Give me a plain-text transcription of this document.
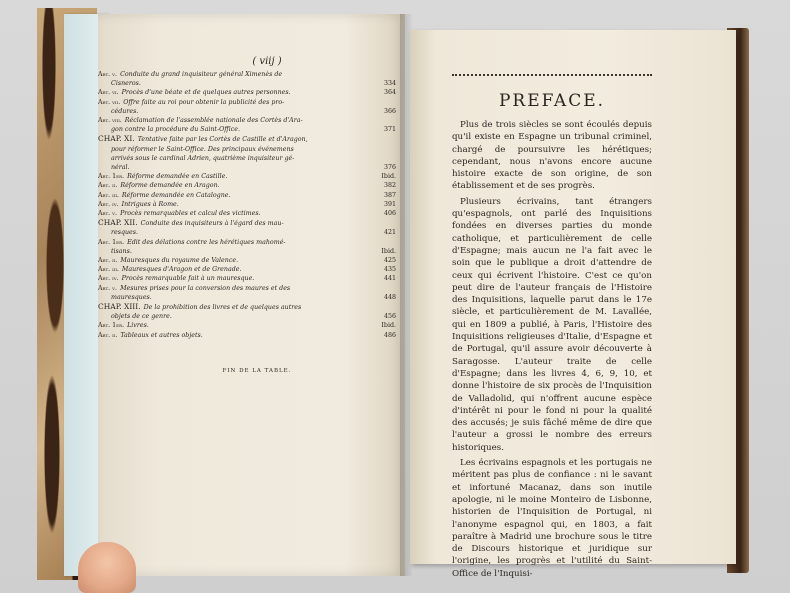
( viij )
Art. v. Conduite du grand inquisiteur général Ximenès de
Cisneros.	334
Art. vi. Procès d'une béate et de quelques autres personnes.	364
Art. vii. Offre faite au roi pour obtenir la publicité des pro-
cédures.	366
Art. viii. Réclamation de l'assemblée nationale des Cortès d'Ara-
gon contre la procédure du Saint-Office.	371
CHAP. XI. Tentative faite par les Cortès de Castille et d'Aragon,
pour réformer le Saint-Office. Des principaux événemens
arrivés sous le cardinal Adrien, quatrième inquisiteur gé-
néral.	376
Art. 1er. Réforme demandée en Castille.	Ibid.
Art. ii. Réforme demandée en Aragon.	382
Art. iii. Réforme demandée en Catalogne.	387
Art. iv. Intrigues à Rome.	391
Art. v. Procès remarquables et calcul des victimes.	406
CHAP. XII. Conduite des inquisiteurs à l'égard des mau-
resques.	421
Art. 1er. Edit des délations contre les hérétiques mahomé-
tisans.	Ibid.
Art. ii. Mauresques du royaume de Valence.	425
Art. iii. Mauresques d'Aragon et de Grenade.	435
Art. iv. Procès remarquable fait à un mauresque.	441
Art. v. Mesures prises pour la conversion des maures et des
mauresques.	448
CHAP. XIII. De la prohibition des livres et de quelques autres
objets de ce genre.	456
Art. 1er. Livres.	Ibid.
Art. ii. Tableaux et autres objets.	486
FIN DE LA TABLE.
PREFACE.

Plus de trois siècles se sont écoulés depuis qu'il existe en Espagne un tribunal criminel, chargé de poursuivre les hérétiques; cependant, nous n'avons encore aucune histoire exacte de son origine, de son établissement et de ses progrès.

Plusieurs écrivains, tant étrangers qu'espagnols, ont parlé des Inquisitions fondées en diverses parties du monde catholique, et particulièrement de celle d'Espagne; mais aucun ne l'a fait avec le soin que le publique a droit d'attendre de ceux qui écrivent l'histoire. C'est ce qu'on peut dire de l'auteur français de l'Histoire des Inquisitions, laquelle parut dans le 17e siècle, et particulièrement de M. Lavallée, qui en 1809 a publié, à Paris, l'Histoire des Inquisitions religieuses d'Italie, d'Espagne et de Portugal, qu'il assure avoir découverte à Saragosse. L'auteur traite de celle d'Espagne; dans les livres 4, 6, 9, 10, et donne l'histoire de six procès de l'Inquisition de Valladolid, qui n'offrent aucune espèce d'intérêt ni pour le fond ni pour la qualité des accusés; je suis fâché même de dire que l'auteur a grossi le nombre des erreurs historiques.

Les écrivains espagnols et les portugais ne méritent pas plus de confiance : ni le savant et infortuné Macanaz, dans son inutile apologie, ni le moine Monteiro de Lisbonne, historien de l'Inquisition de Portugal, ni l'anonyme espagnol qui, en 1803, a fait paraître à Madrid une brochure sous le titre de Discours historique et juridique sur l'origine, les progrès et l'utilité du Saint-Office de l'Inquisi-
